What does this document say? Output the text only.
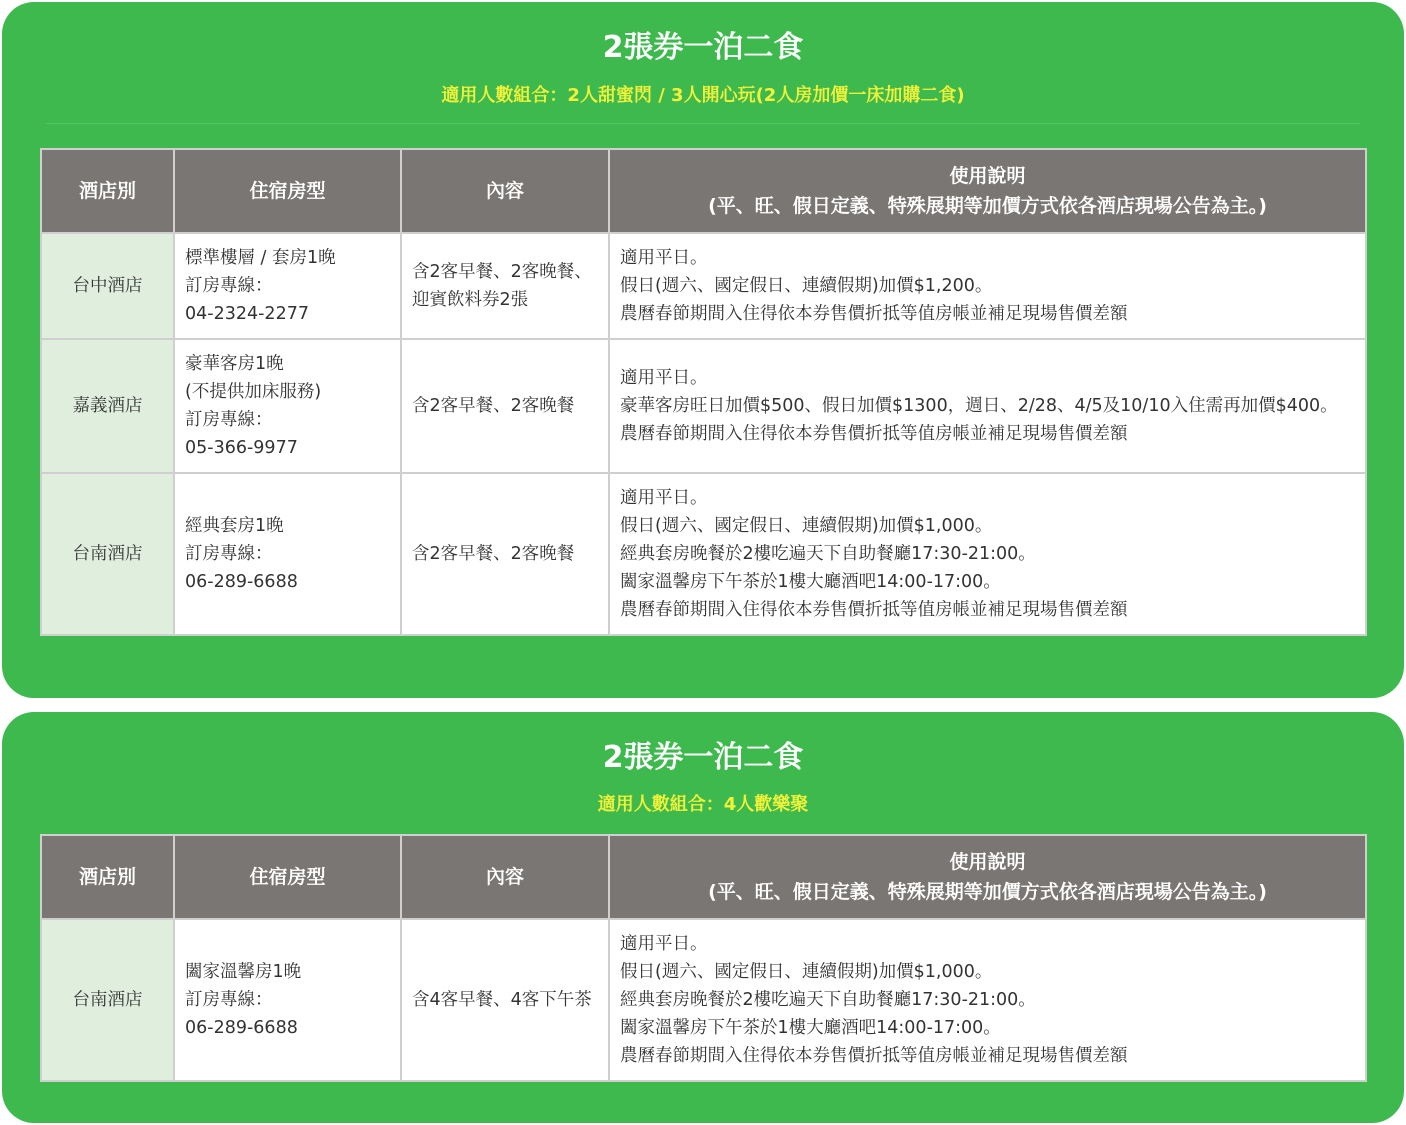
2張券一泊二食
適用人數組合：2人甜蜜閃 / 3人開心玩(2人房加價一床加購二食)
酒店別	住宿房型	內容	使用說明
(平、旺、假日定義、特殊展期等加價方式依各酒店現場公告為主。)

台中酒店	標準樓層 / 套房1晚
訂房專線：
04-2324-2277	含2客早餐、2客晚餐、迎賓飲料券2張	適用平日。
假日(週六、國定假日、連續假期)加價$1,200。
農曆春節期間入住得依本券售價折抵等值房帳並補足現場售價差額

嘉義酒店	豪華客房1晚
(不提供加床服務)
訂房專線：
05-366-9977	含2客早餐、2客晚餐	適用平日。
豪華客房旺日加價$500、假日加價$1300，週日、2/28、4/5及10/10入住需再加價$400。
農曆春節期間入住得依本券售價折抵等值房帳並補足現場售價差額

台南酒店	經典套房1晚
訂房專線：
06-289-6688	含2客早餐、2客晚餐	適用平日。
假日(週六、國定假日、連續假期)加價$1,000。
經典套房晚餐於2樓吃遍天下自助餐廳17:30-21:00。
闔家溫馨房下午茶於1樓大廳酒吧14:00-17:00。
農曆春節期間入住得依本券售價折抵等值房帳並補足現場售價差額
2張券一泊二食
適用人數組合：4人歡樂聚
酒店別	住宿房型	內容	使用說明
(平、旺、假日定義、特殊展期等加價方式依各酒店現場公告為主。)

台南酒店	闔家溫馨房1晚
訂房專線：
06-289-6688	含4客早餐、4客下午茶	適用平日。
假日(週六、國定假日、連續假期)加價$1,000。
經典套房晚餐於2樓吃遍天下自助餐廳17:30-21:00。
闔家溫馨房下午茶於1樓大廳酒吧14:00-17:00。
農曆春節期間入住得依本券售價折抵等值房帳並補足現場售價差額
